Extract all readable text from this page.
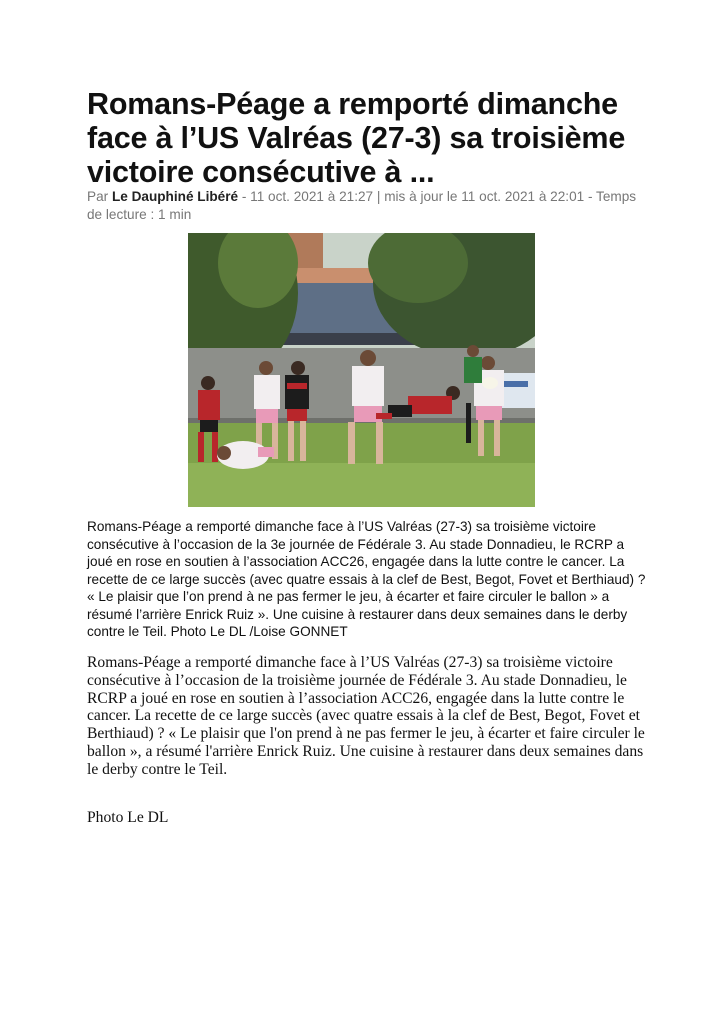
Romans-Péage a remporté dimanche face à l’US Valréas (27-3) sa troisième victoire consécutive à ...
Par Le Dauphiné Libéré - 11 oct. 2021 à 21:27 | mis à jour le 11 oct. 2021 à 22:01 - Temps de lecture : 1 min
Romans-Péage a remporté dimanche face à l’US Valréas (27-3) sa troisième victoire consécutive à l’occasion de la 3e journée de Fédérale 3. Au stade Donnadieu, le RCRP a joué en rose en soutien à l’association ACC26, engagée dans la lutte contre le cancer. La recette de ce large succès (avec quatre essais à la clef de Best, Begot, Fovet et Berthiaud) ? « Le plaisir que l’on prend à ne pas fermer le jeu, à écarter et faire circuler le ballon » a résumé l’arrière Enrick Ruiz ». Une cuisine à restaurer dans deux semaines dans le derby contre le Teil. Photo Le DL /Loise GONNET
Romans-Péage a remporté dimanche face à l’US Valréas (27-3) sa troisième victoire consécutive à l’occasion de la troisième journée de Fédérale 3. Au stade Donnadieu, le RCRP a joué en rose en soutien à l’association ACC26, engagée dans la lutte contre le cancer. La recette de ce large succès (avec quatre essais à la clef de Best, Begot, Fovet et Berthiaud) ? « Le plaisir que l'on prend à ne pas fermer le jeu, à écarter et faire circuler le ballon », a résumé l'arrière Enrick Ruiz. Une cuisine à restaurer dans deux semaines dans le derby contre le Teil.
Photo Le DL
